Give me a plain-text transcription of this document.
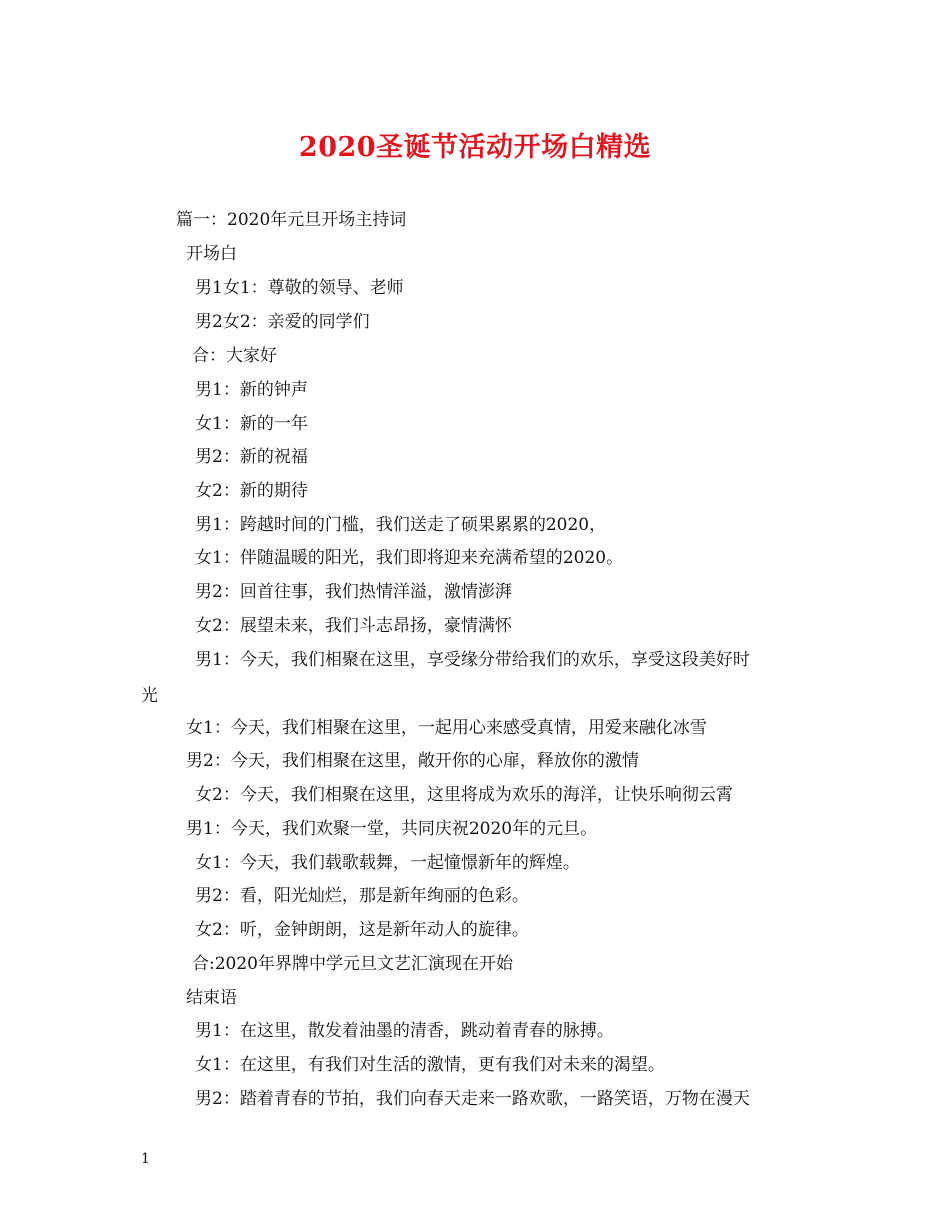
2020圣诞节活动开场白精选

篇一：2020年元旦开场主持词

开场白

男1女1：尊敬的领导、老师

男2女2：亲爱的同学们

合：大家好

男1：新的钟声

女1：新的一年

男2：新的祝福

女2：新的期待

男1：跨越时间的门槛，我们送走了硕果累累的2020，

女1：伴随温暖的阳光，我们即将迎来充满希望的2020。

男2：回首往事，我们热情洋溢，激情澎湃

女2：展望未来，我们斗志昂扬，豪情满怀

男1：今天，我们相聚在这里，享受缘分带给我们的欢乐，享受这段美好时

光

女1：今天，我们相聚在这里，一起用心来感受真情，用爱来融化冰雪

男2：今天，我们相聚在这里，敞开你的心扉，释放你的激情

女2：今天，我们相聚在这里，这里将成为欢乐的海洋，让快乐响彻云霄

男1：今天，我们欢聚一堂，共同庆祝2020年的元旦。

女1：今天，我们载歌载舞，一起憧憬新年的辉煌。

男2：看，阳光灿烂，那是新年绚丽的色彩。

女2：听，金钟朗朗，这是新年动人的旋律。

合:2020年界牌中学元旦文艺汇演现在开始

结束语

男1：在这里，散发着油墨的清香，跳动着青春的脉搏。

女1：在这里，有我们对生活的激情，更有我们对未来的渴望。

男2：踏着青春的节拍，我们向春天走来一路欢歌，一路笑语，万物在漫天

1
